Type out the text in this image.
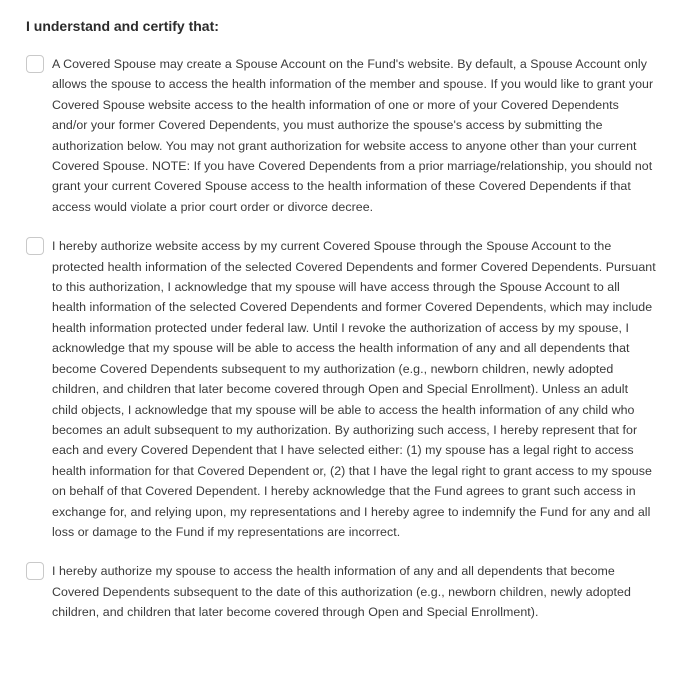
I understand and certify that:
A Covered Spouse may create a Spouse Account on the Fund's website. By default, a Spouse Account only allows the spouse to access the health information of the member and spouse. If you would like to grant your Covered Spouse website access to the health information of one or more of your Covered Dependents and/or your former Covered Dependents, you must authorize the spouse's access by submitting the authorization below. You may not grant authorization for website access to anyone other than your current Covered Spouse. NOTE: If you have Covered Dependents from a prior marriage/relationship, you should not grant your current Covered Spouse access to the health information of these Covered Dependents if that access would violate a prior court order or divorce decree.
I hereby authorize website access by my current Covered Spouse through the Spouse Account to the protected health information of the selected Covered Dependents and former Covered Dependents. Pursuant to this authorization, I acknowledge that my spouse will have access through the Spouse Account to all health information of the selected Covered Dependents and former Covered Dependents, which may include health information protected under federal law. Until I revoke the authorization of access by my spouse, I acknowledge that my spouse will be able to access the health information of any and all dependents that become Covered Dependents subsequent to my authorization (e.g., newborn children, newly adopted children, and children that later become covered through Open and Special Enrollment). Unless an adult child objects, I acknowledge that my spouse will be able to access the health information of any child who becomes an adult subsequent to my authorization. By authorizing such access, I hereby represent that for each and every Covered Dependent that I have selected either: (1) my spouse has a legal right to access health information for that Covered Dependent or, (2) that I have the legal right to grant access to my spouse on behalf of that Covered Dependent. I hereby acknowledge that the Fund agrees to grant such access in exchange for, and relying upon, my representations and I hereby agree to indemnify the Fund for any and all loss or damage to the Fund if my representations are incorrect.
I hereby authorize my spouse to access the health information of any and all dependents that become Covered Dependents subsequent to the date of this authorization (e.g., newborn children, newly adopted children, and children that later become covered through Open and Special Enrollment).
